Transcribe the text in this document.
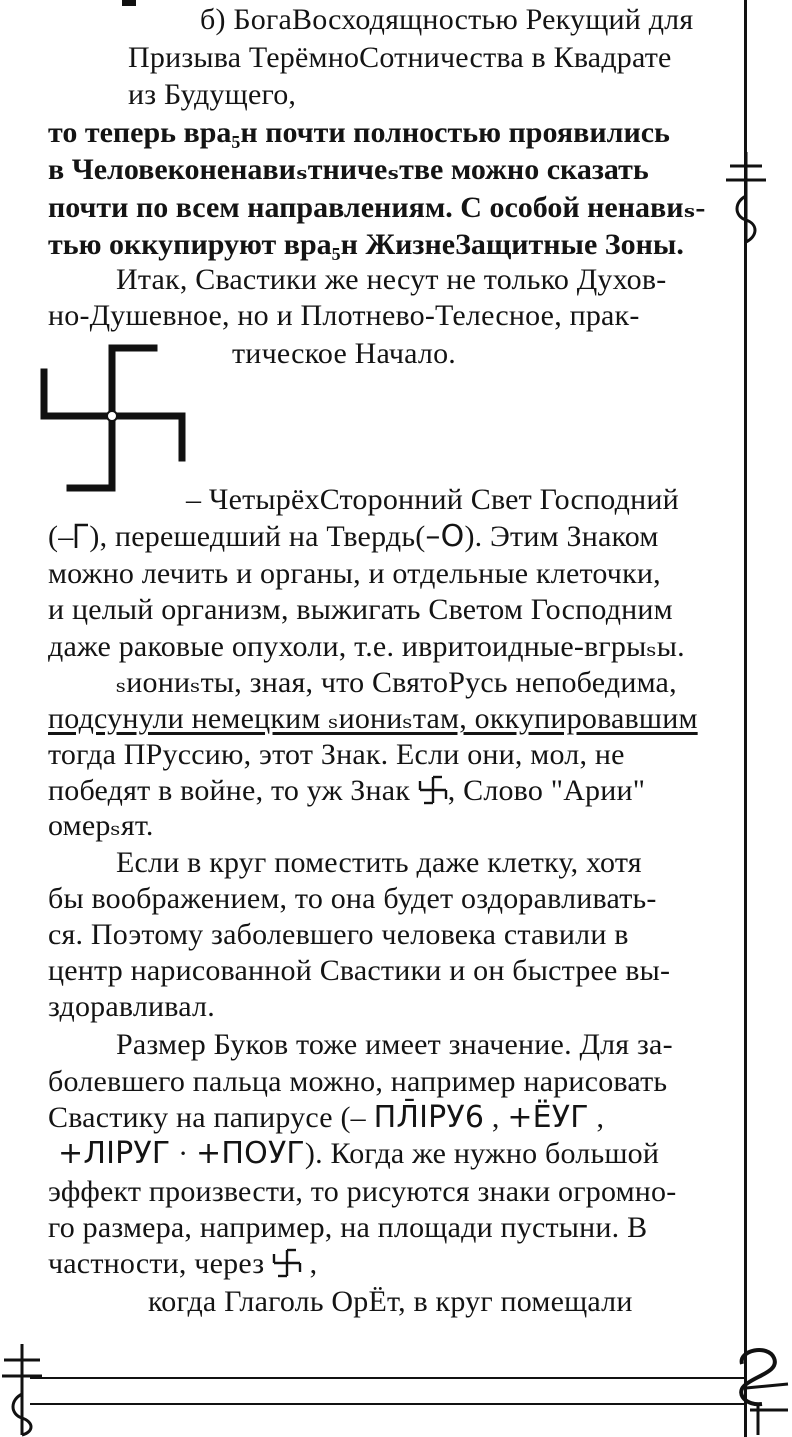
б) БогаВосходящностью Рекущий для
Призыва ТерёмноСотничества в Квадрате
из Будущего,
то теперь вра₅н почти полностью проявились
в Человеконенавиₛтничеₛтве можно сказать
почти по всем направлениям. С особой ненавиₛ-
тью оккупируют вра₅н ЖизнеЗащитные Зоны.
Итак, Свастики же несут не только Духов-
но-Душевное, но и Плотнево-Телесное, прак-
тическое Начало.
– ЧетырёхСторонний Свет Господний
(– ), перешедший на Твердь(–О). Этим Знаком
можно лечить и органы, и отдельные клеточки,
и целый организм, выжигать Светом Господним
даже раковые опухоли, т.е. ивритоидные-вгрыₛы.
ₛиониₛты, зная, что СвятоРусь непобедима,
подсунули немецким ₛиониₛтам, оккупировавшим
тогда ПРуссию, этот Знак. Если они, мол, не
победят в войне, то уж Знак , Слово "Арии"
омерₛят.
Если в круг поместить даже клетку, хотя
бы воображением, то она будет оздоравливать-
ся. Поэтому заболевшего человека ставили в
центр нарисованной Свастики и он быстрее вы-
здоравливал.
Размер Буков тоже имеет значение. Для за-
болевшего пальца можно, например нарисовать
Свастику на папирусе (– ПЛ̄ІРУ6 , +ЁУГ ,
+ЛІРУГ · +ПОУГ). Когда же нужно большой
эффект произвести, то рисуются знаки огромно-
го размера, например, на площади пустыни. В
частности, через ,
когда Глаголь ОрЁт, в круг помещали
